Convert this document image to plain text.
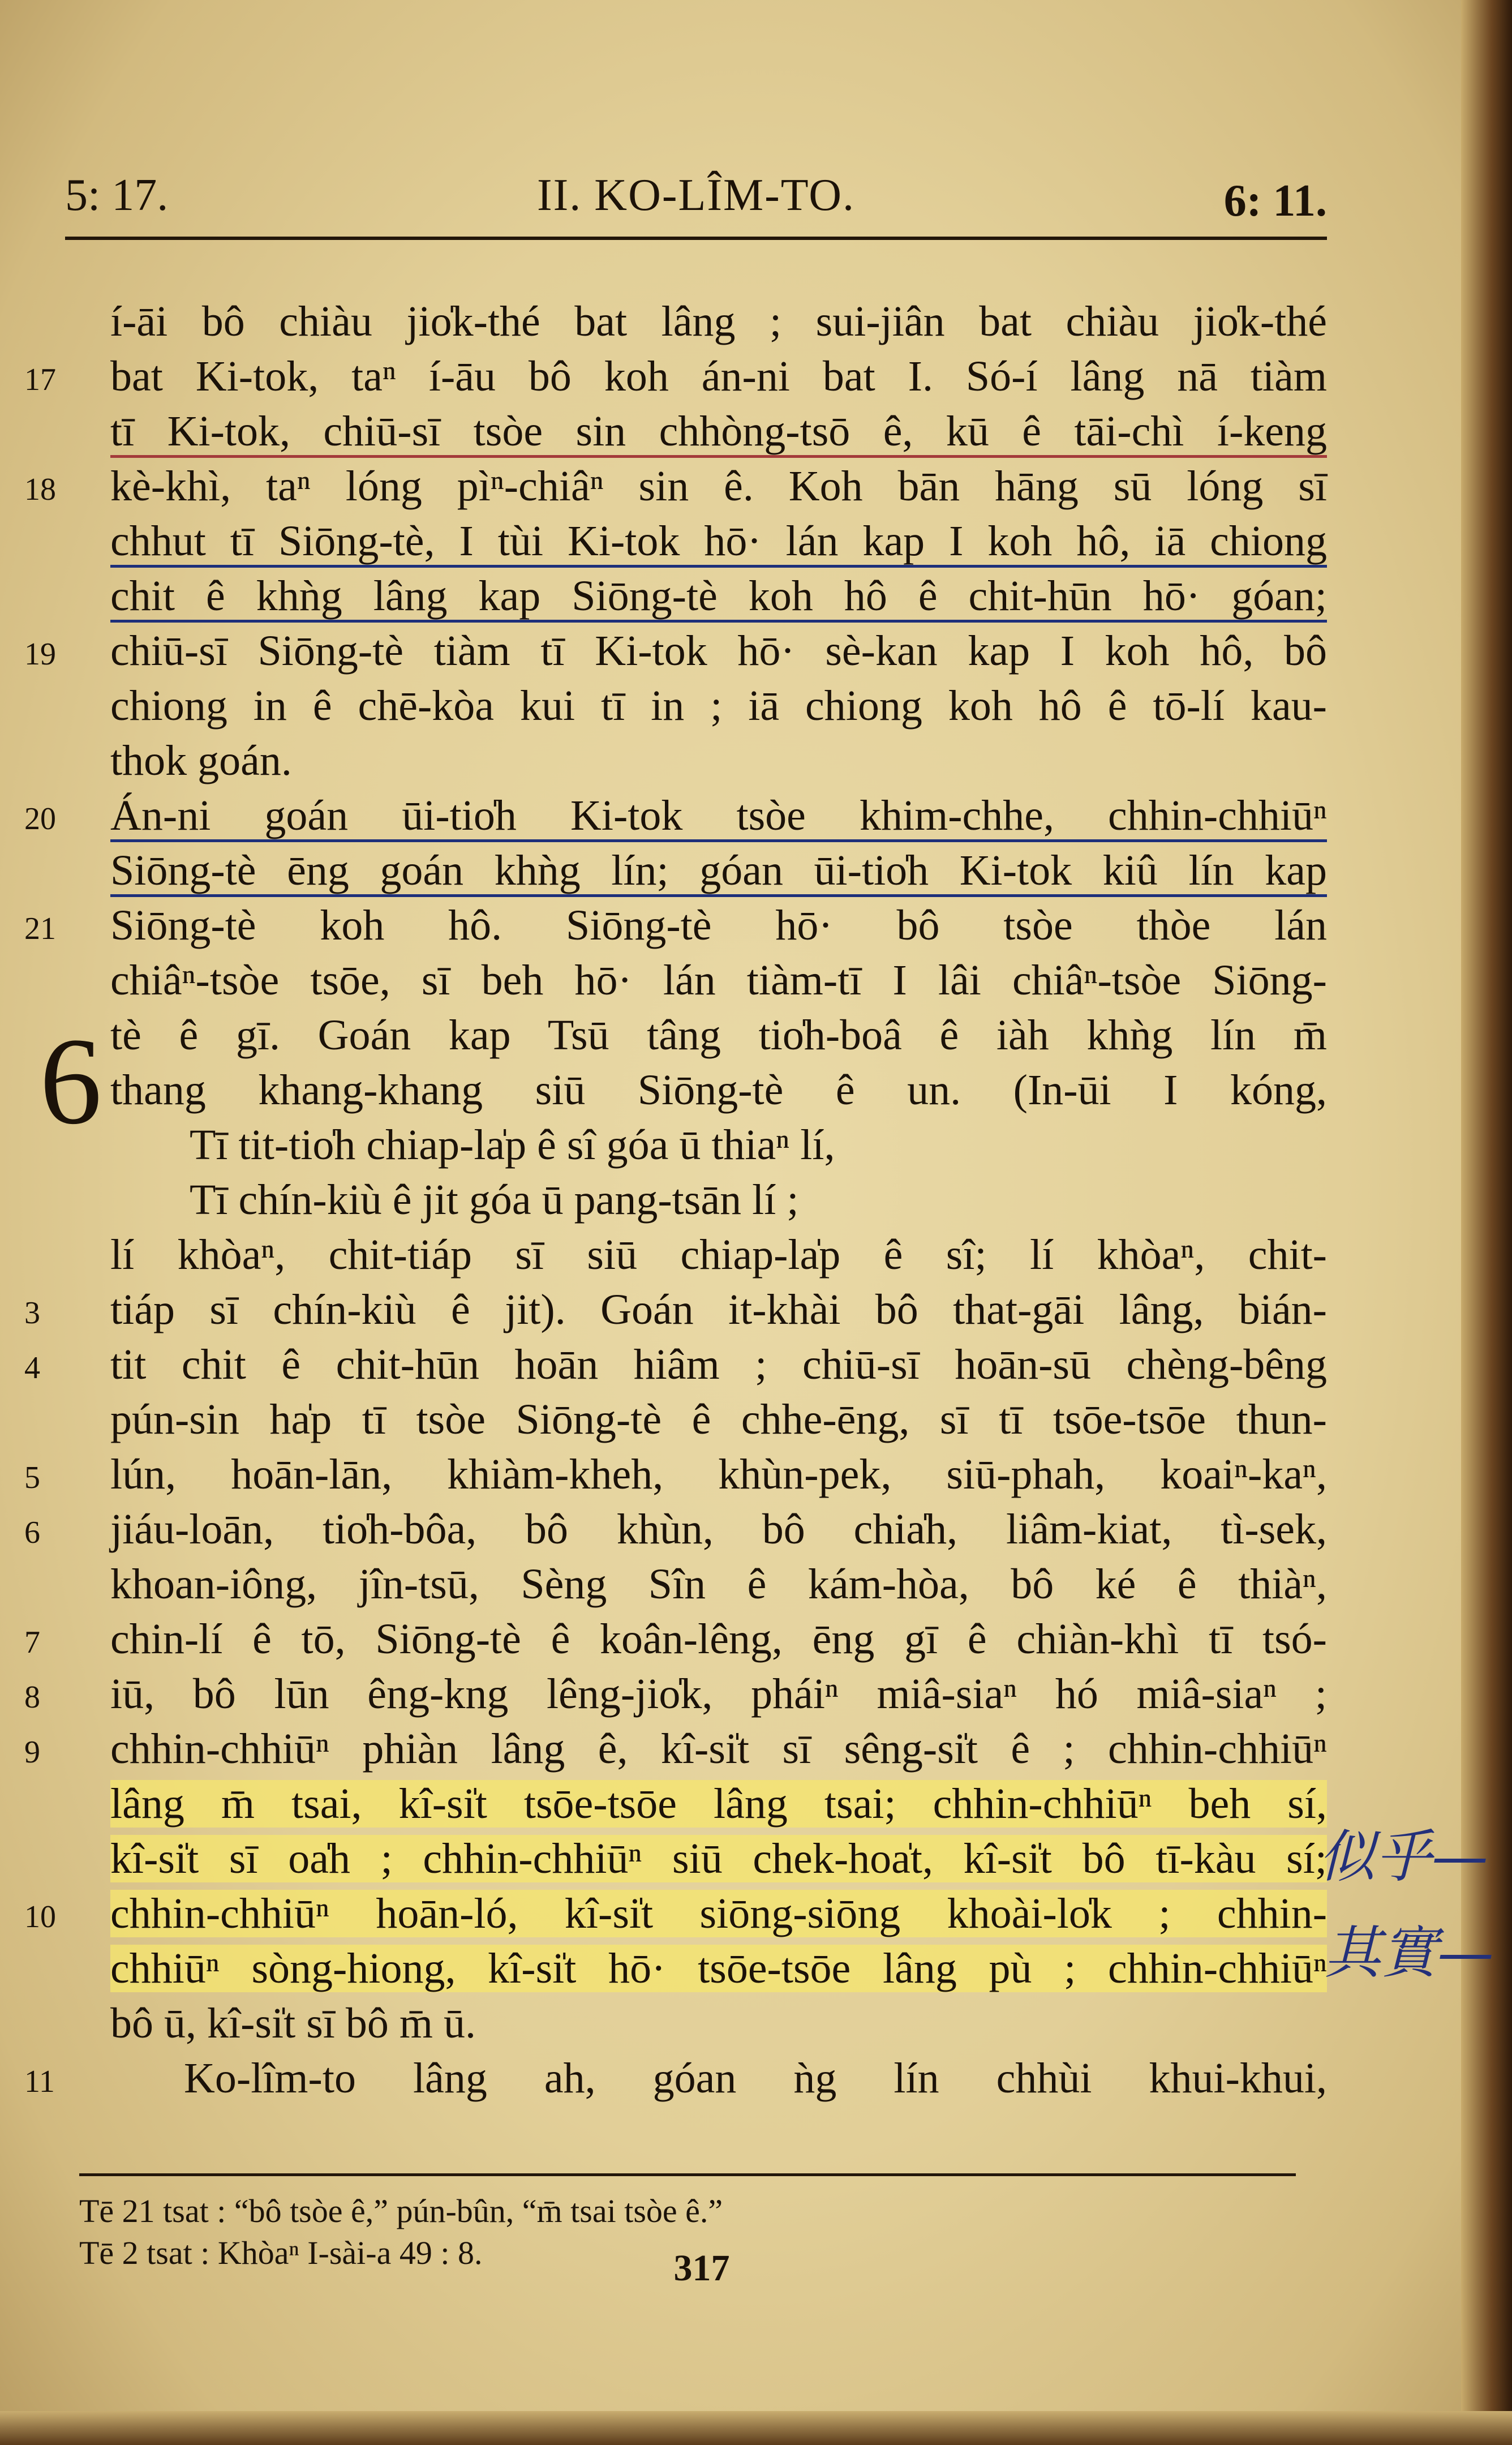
5: 17.	II. KO-LÎM-TO.	6: 11.
6
í-āi bô chiàu jio̍k-thé bat lâng ; sui-jiân bat chiàu jio̍k-thé
17 bat Ki-tok, taⁿ í-āu bô koh án-ni bat I. Só-í lâng nā tiàm
tī Ki-tok, chiū-sī tsòe sin chhòng-tsō ê, kū ê tāi-chì í-keng
18 kè-khì, taⁿ lóng pìⁿ-chiâⁿ sin ê. Koh bān hāng sū lóng sī
chhut tī Siōng-tè, I tùi Ki-tok hō· lán kap I koh hô, iā chiong
chit ê khǹg lâng kap Siōng-tè koh hô ê chit-hūn hō· góan;
19 chiū-sī Siōng-tè tiàm tī Ki-tok hō· sè-kan kap I koh hô, bô
chiong in ê chē-kòa kui tī in ; iā chiong koh hô ê tō-lí kau-
thok goán.
20 Án-ni goán ūi-tio̍h Ki-tok tsòe khim-chhe, chhin-chhiūⁿ
Siōng-tè ēng goán khǹg lín; góan ūi-tio̍h Ki-tok kiû lín kap
21 Siōng-tè koh hô. Siōng-tè hō· bô tsòe thòe lán
chiâⁿ-tsòe tsōe, sī beh hō· lán tiàm-tī I lâi chiâⁿ-tsòe Siōng-
tè ê gī. Goán kap Tsū tâng tio̍h-boâ ê iàh khǹg lín m̄
thang khang-khang siū Siōng-tè ê un. (In-ūi I kóng,
Tī tit-tio̍h chiap-la̍p ê sî góa ū thiaⁿ lí,
Tī chín-kiù ê jit góa ū pang-tsān lí ;
lí khòaⁿ, chit-tiáp sī siū chiap-la̍p ê sî; lí khòaⁿ, chit-
3	tiáp sī chín-kiù ê jit). Goán it-khài bô that-gāi lâng, bián-
4	tit chit ê chit-hūn hoān hiâm ; chiū-sī hoān-sū chèng-bêng
pún-sin ha̍p tī tsòe Siōng-tè ê chhe-ēng, sī tī tsōe-tsōe thun-
5	lún, hoān-lān, khiàm-kheh, khùn-pek, siū-phah, koaiⁿ-kaⁿ,
6	jiáu-loān, tio̍h-bôa, bô khùn, bô chia̍h, liâm-kiat, tì-sek,
khoan-iông, jîn-tsū, Sèng Sîn ê kám-hòa, bô ké ê thiàⁿ,
7	chin-lí ê tō, Siōng-tè ê koân-lêng, ēng gī ê chiàn-khì tī tsó-
8	iū, bô lūn êng-kng lêng-jio̍k, pháiⁿ miâ-siaⁿ hó miâ-siaⁿ ;
9	chhin-chhiūⁿ phiàn lâng ê, kî-si̍t sī sêng-si̍t ê ; chhin-chhiūⁿ
lâng m̄ tsai, kî-si̍t tsōe-tsōe lâng tsai; chhin-chhiūⁿ beh sí,
kî-si̍t sī oa̍h ; chhin-chhiūⁿ siū chek-hoa̍t, kî-si̍t bô tī-kàu sí;
10 chhin-chhiūⁿ hoān-ló, kî-si̍t siōng-siōng khoài-lo̍k ; chhin-
chhiūⁿ sòng-hiong, kî-si̍t hō· tsōe-tsōe lâng pù ; chhin-chhiūⁿ
bô ū, kî-si̍t sī bô m̄ ū.
11	Ko-lîm-to lâng ah, góan ǹg lín chhùi khui-khui,
似乎—
其實—
Tē 21 tsat : “bô tsòe ê,” pún-bûn, “m̄ tsai tsòe ê.”
Tē 2 tsat : Khòaⁿ I-sài-a 49 : 8.	317
